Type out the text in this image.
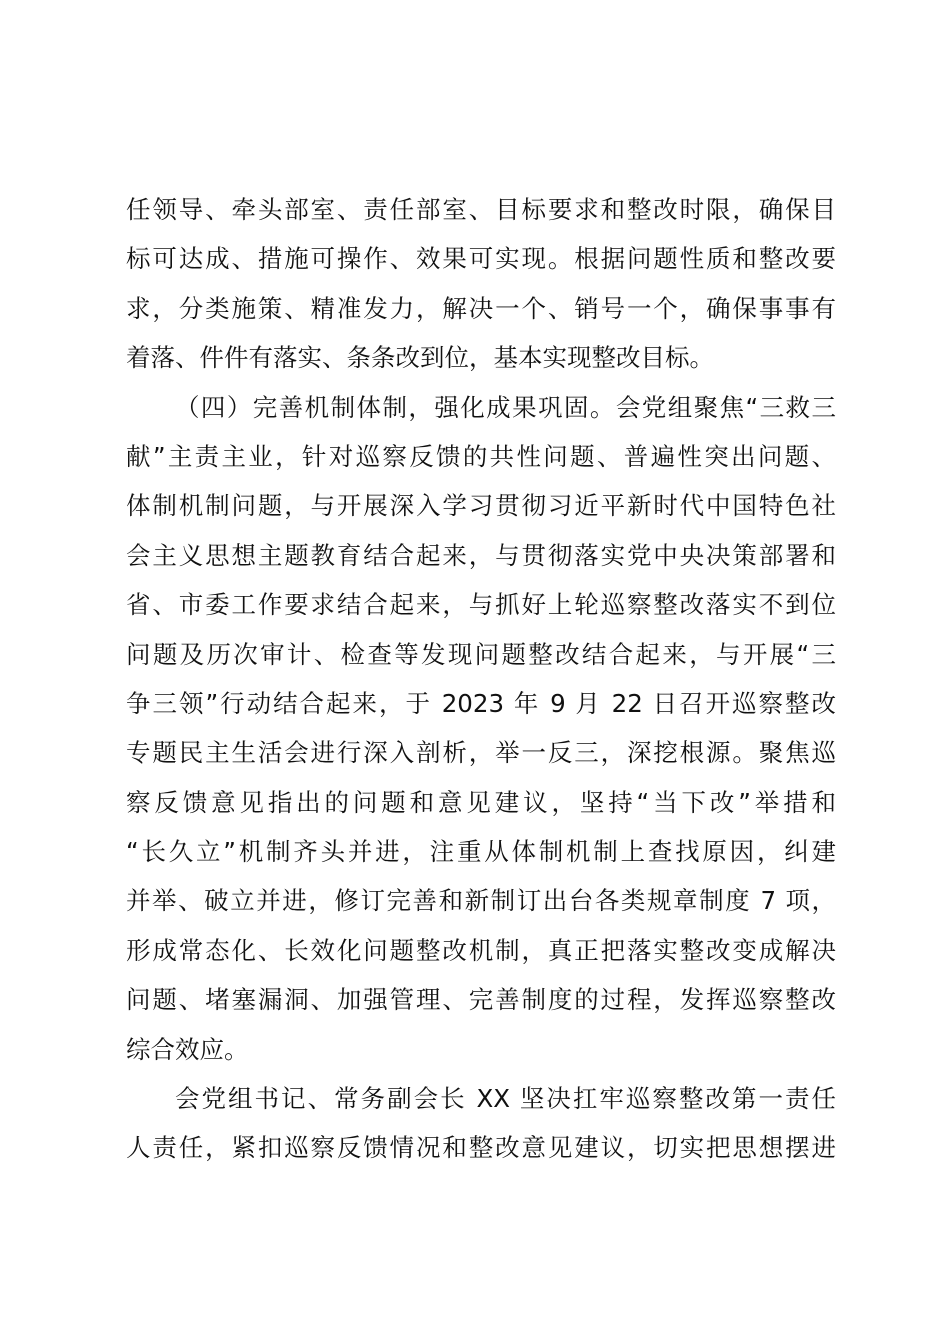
任领导、牵头部室、责任部室、目标要求和整改时限，确保目
标可达成、措施可操作、效果可实现。根据问题性质和整改要
求，分类施策、精准发力，解决一个、销号一个，确保事事有
着落、件件有落实、条条改到位，基本实现整改目标。
（四）完善机制体制，强化成果巩固。会党组聚焦“三救三
献”主责主业，针对巡察反馈的共性问题、普遍性突出问题、
体制机制问题，与开展深入学习贯彻习近平新时代中国特色社
会主义思想主题教育结合起来，与贯彻落实党中央决策部署和
省、市委工作要求结合起来，与抓好上轮巡察整改落实不到位
问题及历次审计、检查等发现问题整改结合起来，与开展“三
争三领”行动结合起来，于 2023 年 9 月 22 日召开巡察整改
专题民主生活会进行深入剖析，举一反三，深挖根源。聚焦巡
察反馈意见指出的问题和意见建议，坚持“当下改”举措和
“长久立”机制齐头并进，注重从体制机制上查找原因，纠建
并举、破立并进，修订完善和新制订出台各类规章制度 7 项，
形成常态化、长效化问题整改机制，真正把落实整改变成解决
问题、堵塞漏洞、加强管理、完善制度的过程，发挥巡察整改
综合效应。
会党组书记、常务副会长 XX 坚决扛牢巡察整改第一责任
人责任，紧扣巡察反馈情况和整改意见建议，切实把思想摆进
